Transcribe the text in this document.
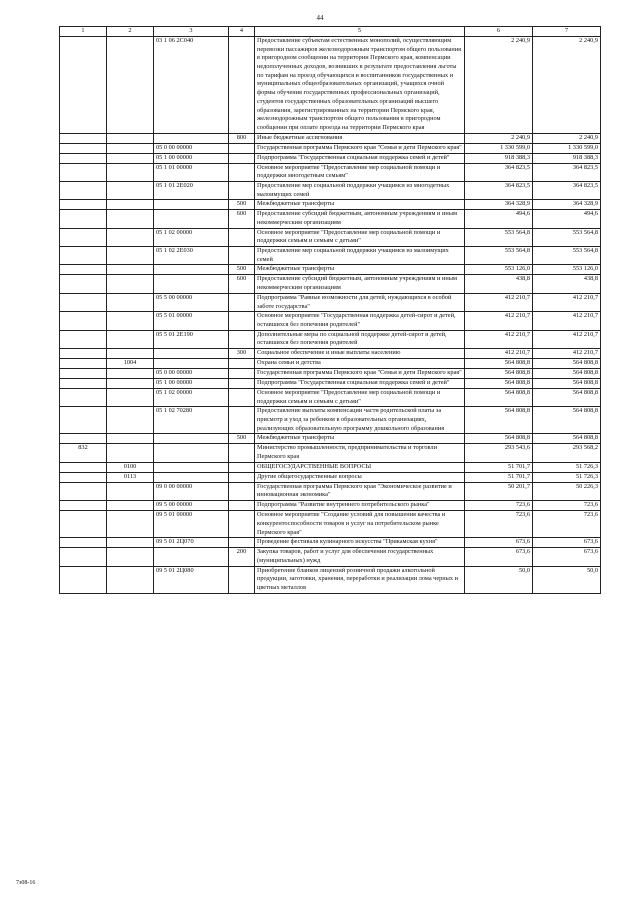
44
1	2	3	4	5	6	7
		03 1 06 2С040		Предоставление субъектам естественных монополий, осуществляющим перевозки пассажиров железнодорожным транспортом общего пользования в пригородном сообщении на территории Пермского края, компенсации недополученных доходов, возникших в результате предоставления льготы по тарифам на проезд обучающихся и воспитанников государственных и муниципальных общеобразовательных организаций, учащихся очной формы обучения государственных профессиональных организаций, студентов государственных образовательных организаций высшего образования, зарегистрированных на территории Пермского края, железнодорожным транспортом общего пользования в пригородном сообщении при оплате проезда на территории Пермского края	2 240,9	2 240,9
			800	Иные бюджетные ассигнования	2 240,9	2 240,9
		05 0 00 00000		Государственная программа Пермского края "Семья и дети Пермского края"	1 330 599,0	1 330 599,0
		05 1 00 00000		Подпрограмма "Государственная социальная поддержка семей и детей"	918 388,3	918 388,3
		05 1 01 00000		Основное мероприятие "Предоставление мер социальной помощи и поддержки многодетным семьям"	364 823,5	364 823,5
		05 1 01 2Е020		Предоставление мер социальной поддержки учащимся из многодетных малоимущих семей	364 823,5	364 823,5
			500	Межбюджетные трансферты	364 328,9	364 328,9
			600	Предоставление субсидий бюджетным, автономным учреждениям и иным некоммерческим организациям	494,6	494,6
		05 1 02 00000		Основное мероприятие "Предоставление мер социальной помощи и поддержки семьям и семьям с детьми"	553 564,8	553 564,8
		05 1 02 2Е030		Предоставление мер социальной поддержки учащимся из малоимущих семей	553 564,8	553 564,8
			500	Межбюджетные трансферты	553 126,0	553 126,0
			600	Предоставление субсидий бюджетным, автономным учреждениям и иным некоммерческим организациям	438,8	438,8
		05 5 00 00000		Подпрограмма "Равные возможности для детей, нуждающихся в особой заботе государства"	412 210,7	412 210,7
		05 5 01 00000		Основное мероприятие "Государственная поддержка детей-сирот и детей, оставшихся без попечения родителей"	412 210,7	412 210,7
		05 5 01 2Е190		Дополнительные меры по социальной поддержке детей-сирот и детей, оставшихся без попечения родителей	412 210,7	412 210,7
			300	Социальное обеспечение и иные выплаты населению	412 210,7	412 210,7
	1004			Охрана семьи и детства	564 808,8	564 808,8
		05 0 00 00000		Государственная программа Пермского края "Семья и дети Пермского края"	564 808,8	564 808,8
		05 1 00 00000		Подпрограмма "Государственная социальная поддержка семей и детей"	564 808,8	564 808,8
		05 1 02 00000		Основное мероприятие "Предоставление мер социальной помощи и поддержки семьям и семьям с детьми"	564 808,8	564 808,8
		05 1 02 70280		Предоставление выплаты компенсации части родительской платы за присмотр и уход за ребенком в образовательных организациях, реализующих образовательную программу дошкольного образования	564 808,8	564 808,8
			500	Межбюджетные трансферты	564 808,8	564 808,8
832				Министерство промышленности, предпринимательства и торговли Пермского края	293 543,6	293 568,2
	0100			ОБЩЕГОСУДАРСТВЕННЫЕ ВОПРОСЫ	51 701,7	51 726,3
	0113			Другие общегосударственные вопросы	51 701,7	51 726,3
		09 0 00 00000		Государственная программа Пермского края "Экономическое развитие и инновационная экономика"	50 201,7	50 226,3
		09 5 00 00000		Подпрограмма "Развитие внутреннего потребительского рынка"	723,6	723,6
		09 5 01 00000		Основное мероприятие "Создание условий для повышения качества и конкурентоспособности товаров и услуг на потребительском рынке Пермского края"	723,6	723,6
		09 5 01 2Ц070		Проведение фестиваля кулинарного искусства "Прикамская кухня"	673,6	673,6
			200	Закупка товаров, работ и услуг для обеспечения государственных (муниципальных) нужд	673,6	673,6
		09 5 01 2Ц080		Приобретение бланков лицензий розничной продажи алкогольной продукции, заготовки, хранения, переработки и реализации лома черных и цветных металлов	50,0	50,0
7з08-16
